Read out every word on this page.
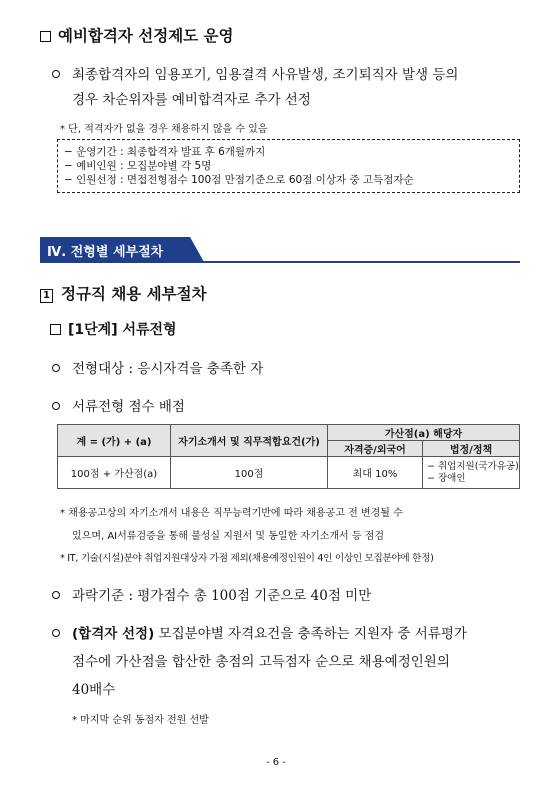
예비합격자 선정제도 운영
최종합격자의 임용포기, 임용결격 사유발생, 조기퇴직자 발생 등의
경우 차순위자를 예비합격자로 추가 선정
* 단, 적격자가 없을 경우 채용하지 않을 수 있음
− 운영기간 : 최종합격자 발표 후 6개월까지
− 예비인원 : 모집분야별 각 5명
− 인원선정 : 면접전형점수 100점 만점기준으로 60점 이상자 중 고득점자순
Ⅳ. 전형별 세부절차
1 정규직 채용 세부절차
[1단계] 서류전형
전형대상 : 응시자격을 충족한 자
서류전형 점수 배점
계 = (가) + (a)	자기소개서 및 직무적합요건(가)	가산점(a) 해당자	
		자격증/외국어	법정/정책
100점 + 가산점(a)	100점	최대 10%	− 취업지원(국가유공)
− 장애인
* 채용공고상의 자기소개서 내용은 직무능력기반에 따라 채용공고 전 변경될 수
있으며, AI서류검증을 통해 불성실 지원서 및 동일한 자기소개서 등 점검
* IT, 기술(시설)분야 취업지원대상자 가점 제외(채용예정인원이 4인 이상인 모집분야에 한정)
과락기준 : 평가점수 총 100점 기준으로 40점 미만
(합격자 선정) 모집분야별 자격요건을 충족하는 지원자 중 서류평가
점수에 가산점을 합산한 총점의 고득점자 순으로 채용예정인원의
40배수
* 마지막 순위 동점자 전원 선발
- 6 -
